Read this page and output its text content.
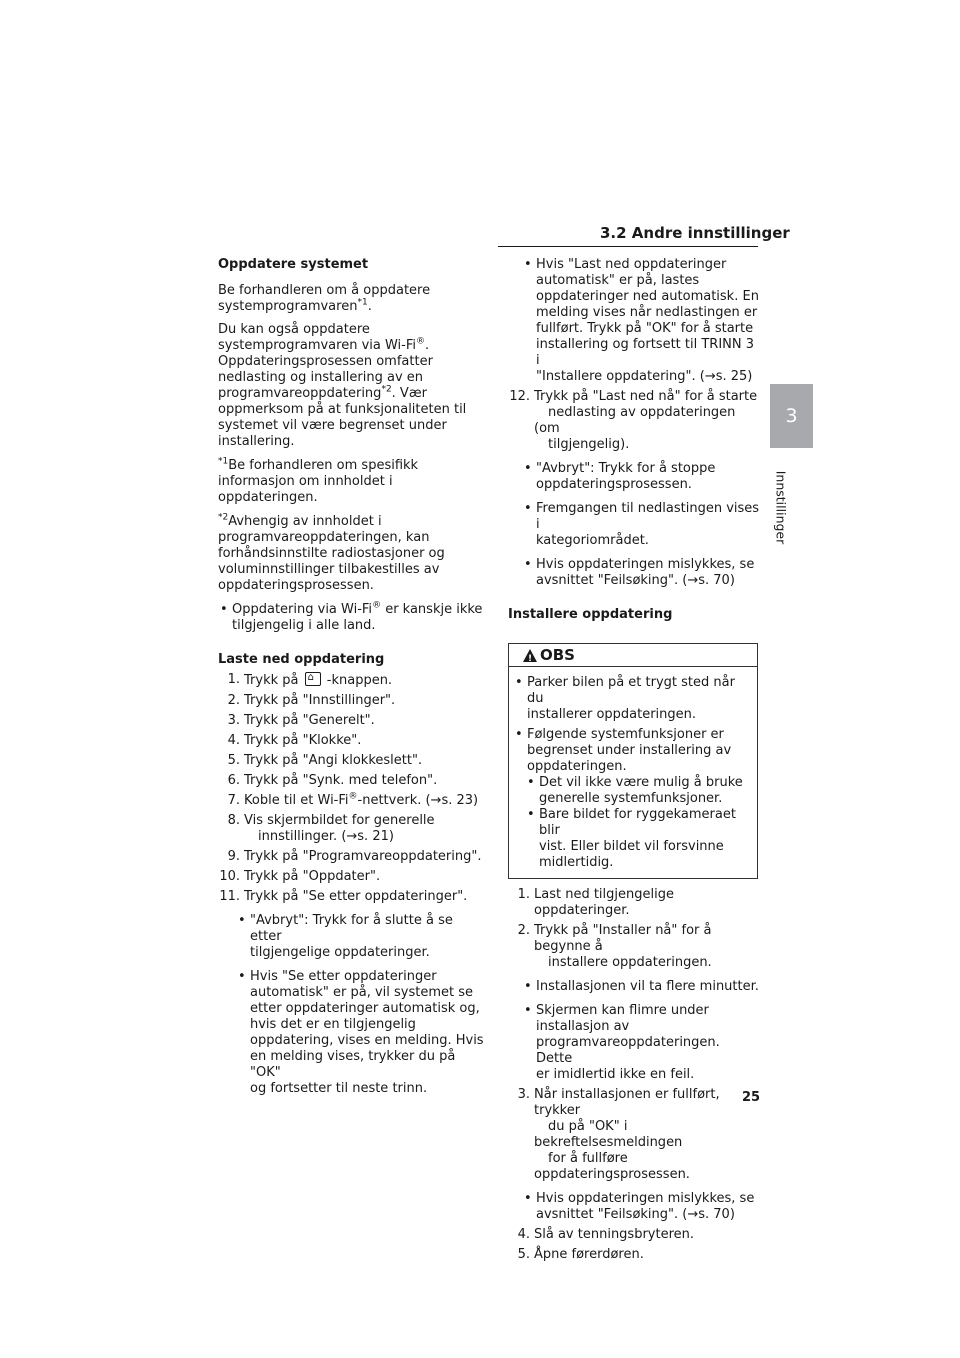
3.2 Andre innstillinger
3
Innstillinger

Oppdatere systemet

Be forhandleren om å oppdatere
systemprogramvaren$^{*1}$.

Du kan også oppdatere
systemprogramvaren via Wi-Fi®.
Oppdateringsprosessen omfatter
nedlasting og installering av en
programvareoppdatering$^{*2}$. Vær
oppmerksom på at funksjonaliteten til
systemet vil være begrenset under
installering.

$^{*1}$Be forhandleren om spesifikk
informasjon om innholdet i
oppdateringen.

$^{*2}$Avhengig av innholdet i
programvareoppdateringen, kan
forhåndsinnstilte radiostasjoner og
voluminnstillinger tilbakestilles av
oppdateringsprosessen.

• Oppdatering via Wi-Fi® er kanskje ikke
tilgjengelig i alle land.

Laste ned oppdatering

1. Trykk på ⌂ -knappen.

2. Trykk på "Innstillinger".

3. Trykk på "Generelt".

4. Trykk på "Klokke".

5. Trykk på "Angi klokkeslett".

6. Trykk på "Synk. med telefon".

7. Koble til et Wi-Fi®-nettverk. (→s. 23)

8. Vis skjermbildet for generelle
innstillinger. (→s. 21)

9. Trykk på "Programvareoppdatering".

10. Trykk på "Oppdater".

11. Trykk på "Se etter oppdateringer".

• "Avbryt": Trykk for å slutte å se etter
tilgjengelige oppdateringer.

• Hvis "Se etter oppdateringer
automatisk" er på, vil systemet se
etter oppdateringer automatisk og,
hvis det er en tilgjengelig
oppdatering, vises en melding. Hvis
en melding vises, trykker du på "OK"
og fortsetter til neste trinn.

• Hvis "Last ned oppdateringer
automatisk" er på, lastes
oppdateringer ned automatisk. En
melding vises når nedlastingen er
fullført. Trykk på "OK" for å starte
installering og fortsett til TRINN 3 i
"Installere oppdatering". (→s. 25)

12. Trykk på "Last ned nå" for å starte
nedlasting av oppdateringen (om
tilgjengelig).

• "Avbryt": Trykk for å stoppe
oppdateringsprosessen.

• Fremgangen til nedlastingen vises i
kategoriområdet.

• Hvis oppdateringen mislykkes, se
avsnittet "Feilsøking". (→s. 70)

Installere oppdatering

!
OBS

• Parker bilen på et trygt sted når du
installerer oppdateringen.

• Følgende systemfunksjoner er
begrenset under installering av
oppdateringen.

• Det vil ikke være mulig å bruke
generelle systemfunksjoner.

• Bare bildet for ryggekameraet blir
vist. Eller bildet vil forsvinne
midlertidig.

1. Last ned tilgjengelige oppdateringer.

2. Trykk på "Installer nå" for å begynne å
installere oppdateringen.

• Installasjonen vil ta flere minutter.

• Skjermen kan flimre under
installasjon av
programvareoppdateringen. Dette
er imidlertid ikke en feil.

3. Når installasjonen er fullført, trykker
du på "OK" i bekreftelsesmeldingen
for å fullføre oppdateringsprosessen.

• Hvis oppdateringen mislykkes, se
avsnittet "Feilsøking". (→s. 70)

4. Slå av tenningsbryteren.

5. Åpne førerdøren.

25
